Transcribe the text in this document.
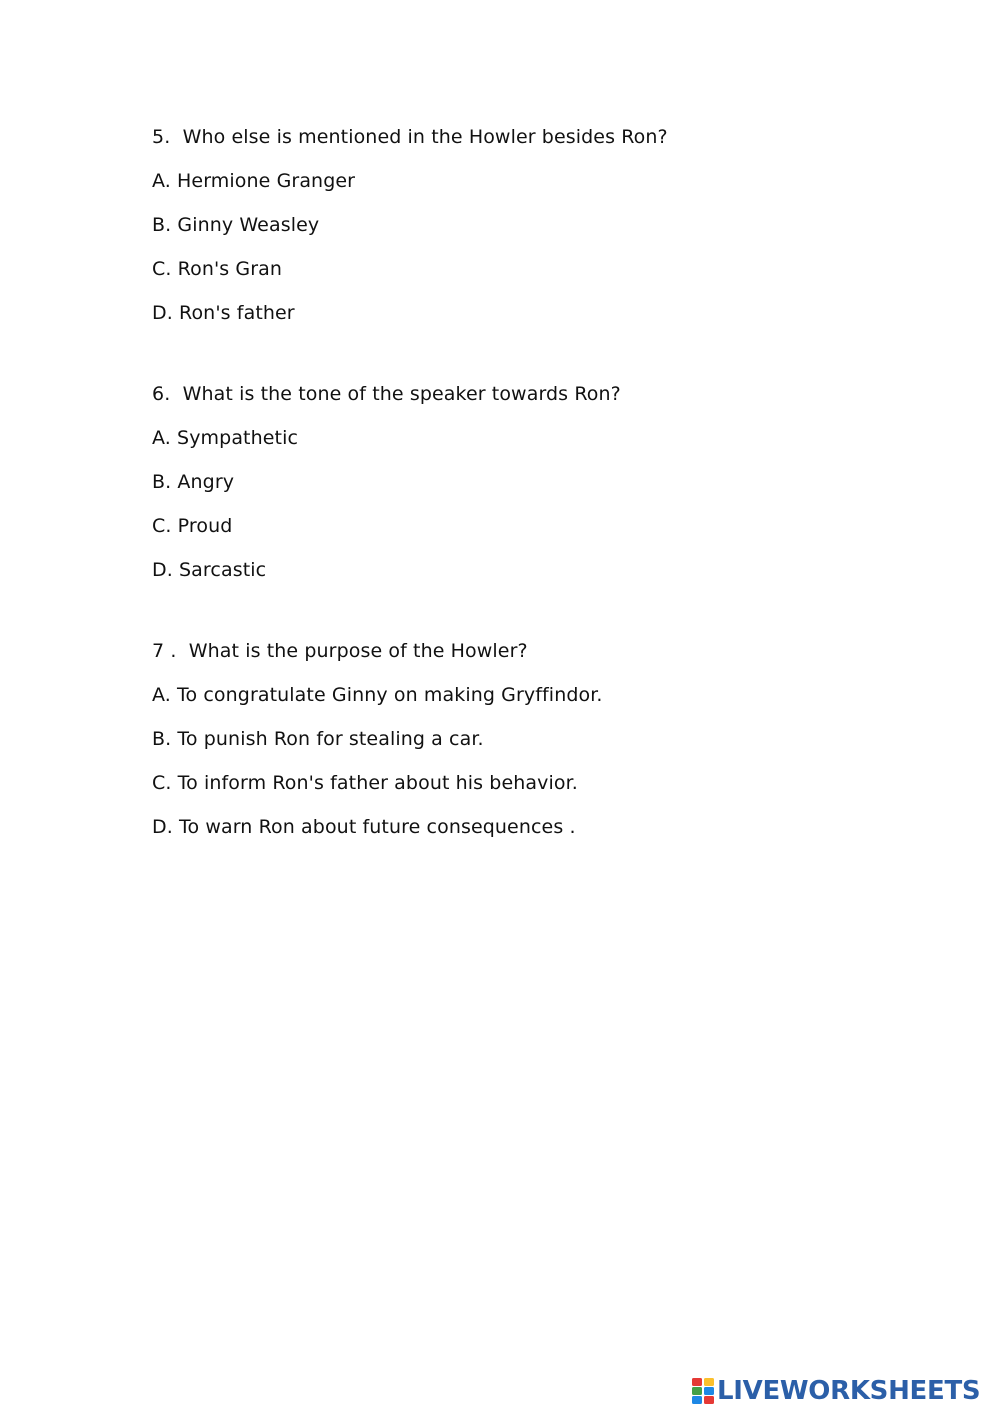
5.
Who else is mentioned in the Howler besides Ron?
A. Hermione Granger
B. Ginny Weasley
C. Ron's Gran
D. Ron's father
6.
What is the tone of the speaker towards Ron?
A. Sympathetic
B. Angry
C. Proud
D. Sarcastic
7 .
What is the purpose of the Howler?
A. To congratulate Ginny on making Gryffindor.
B. To punish Ron for stealing a car.
C. To inform Ron's father about his behavior.
D. To warn Ron about future consequences .
LIVEWORKSHEETS
